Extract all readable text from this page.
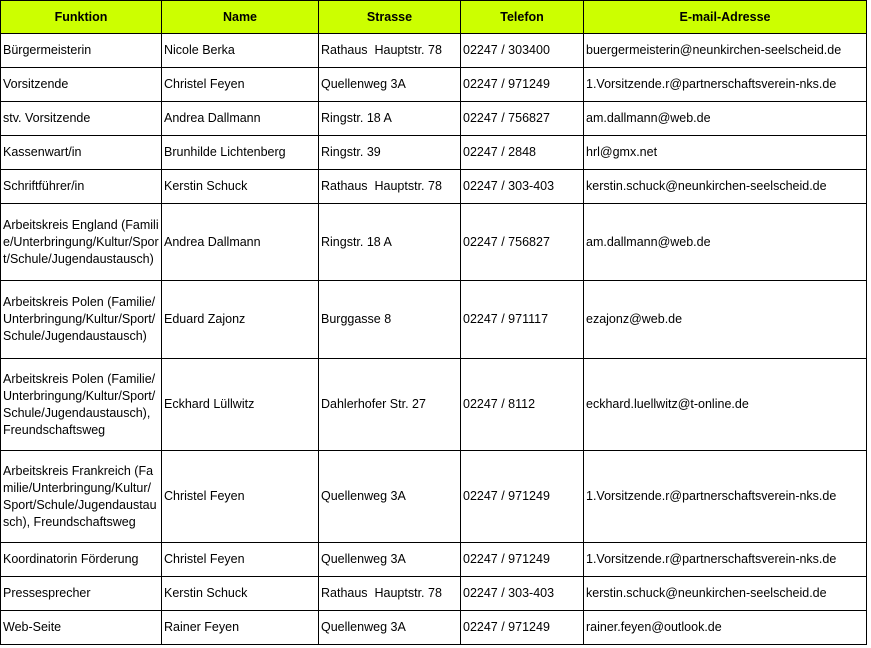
Funktion	Name	Strasse	Telefon	E-mail-Adresse
Bürgermeisterin	Nicole Berka	Rathaus  Hauptstr. 78	02247 / 303400	buergermeisterin@neunkirchen-seelscheid.de
Vorsitzende	Christel Feyen	Quellenweg 3A	02247 / 971249	1.Vorsitzende.r@partnerschaftsverein-nks.de
stv. Vorsitzende	Andrea Dallmann	Ringstr. 18 A	02247 / 756827	am.dallmann@web.de
Kassenwart/in	Brunhilde Lichtenberg	Ringstr. 39	02247 / 2848	hrl@gmx.net
Schriftführer/in	Kerstin Schuck	Rathaus  Hauptstr. 78	02247 / 303-403	kerstin.schuck@neunkirchen-seelscheid.de
Arbeitskreis England (Familie/Unterbringung/Kultur/Sport/Schule/Jugendaustausch)	Andrea Dallmann	Ringstr. 18 A	02247 / 756827	am.dallmann@web.de
Arbeitskreis Polen (Familie/Unterbringung/Kultur/Sport/Schule/Jugendaustausch)	Eduard Zajonz	Burggasse 8	02247 / 971117	ezajonz@web.de
Arbeitskreis Polen (Familie/Unterbringung/Kultur/Sport/Schule/Jugendaustausch), Freundschaftsweg	Eckhard Lüllwitz	Dahlerhofer Str. 27	02247 / 8112	eckhard.luellwitz@t-online.de
Arbeitskreis Frankreich (Familie/Unterbringung/Kultur/Sport/Schule/Jugendaustausch), Freundschaftsweg	Christel Feyen	Quellenweg 3A	02247 / 971249	1.Vorsitzende.r@partnerschaftsverein-nks.de
Koordinatorin Förderung	Christel Feyen	Quellenweg 3A	02247 / 971249	1.Vorsitzende.r@partnerschaftsverein-nks.de
Pressesprecher	Kerstin Schuck	Rathaus  Hauptstr. 78	02247 / 303-403	kerstin.schuck@neunkirchen-seelscheid.de
Web-Seite	Rainer Feyen	Quellenweg 3A	02247 / 971249	rainer.feyen@outlook.de
